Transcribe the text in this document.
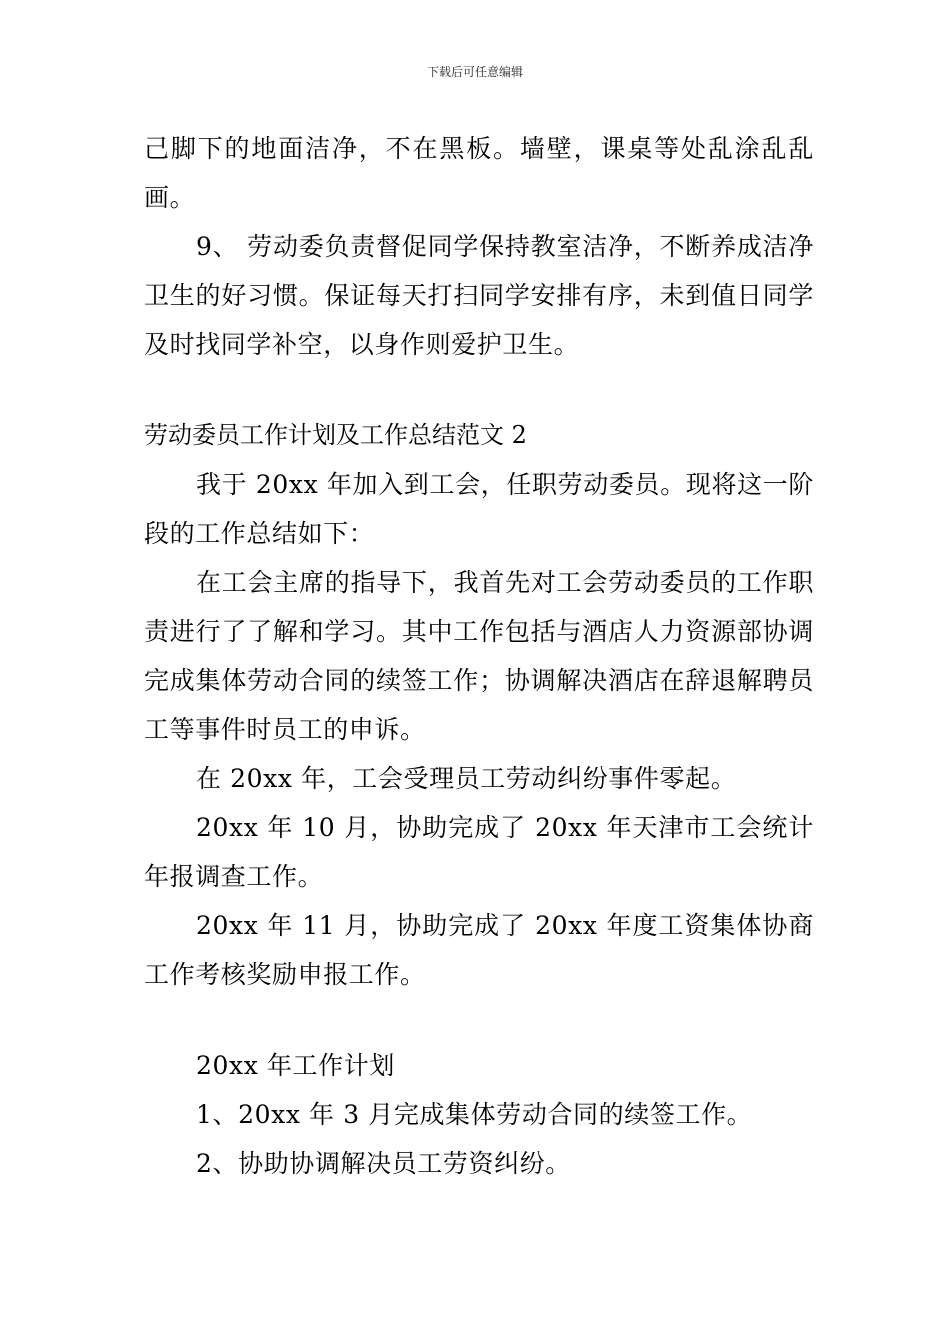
下载后可任意编辑

己脚下的地面洁净，不在黑板。墙壁，课桌等处乱涂乱乱画。

9、 劳动委负责督促同学保持教室洁净，不断养成洁净卫生的好习惯。保证每天打扫同学安排有序，未到值日同学及时找同学补空，以身作则爱护卫生。

劳动委员工作计划及工作总结范文 2

我于 20xx 年加入到工会，任职劳动委员。现将这一阶段的工作总结如下：

在工会主席的指导下，我首先对工会劳动委员的工作职责进行了了解和学习。其中工作包括与酒店人力资源部协调完成集体劳动合同的续签工作；协调解决酒店在辞退解聘员工等事件时员工的申诉。

在 20xx 年，工会受理员工劳动纠纷事件零起。

20xx 年 10 月，协助完成了 20xx 年天津市工会统计年报调查工作。

20xx 年 11 月，协助完成了 20xx 年度工资集体协商工作考核奖励申报工作。

20xx 年工作计划

1、20xx 年 3 月完成集体劳动合同的续签工作。

2、协助协调解决员工劳资纠纷。
